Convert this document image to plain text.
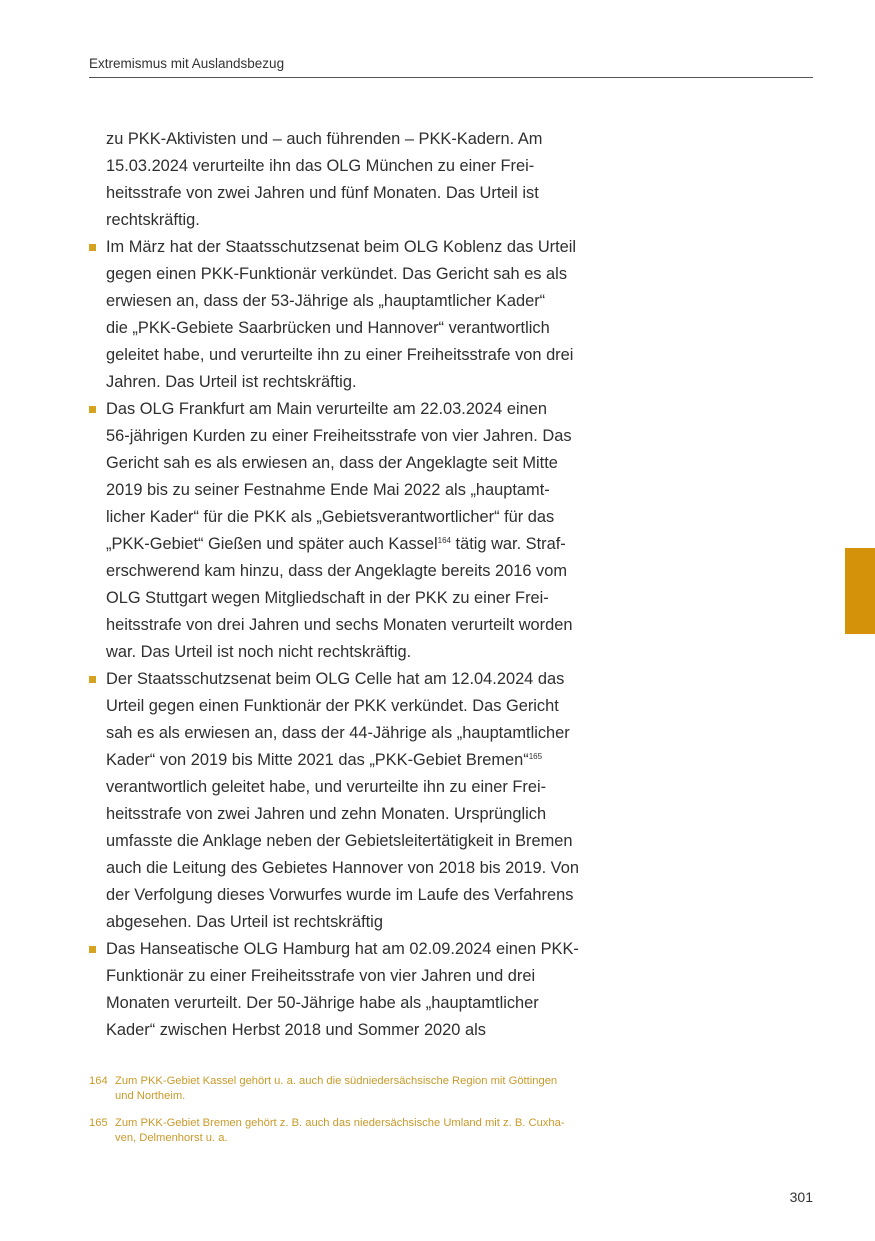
Extremismus mit Auslandsbezug

zu PKK-Aktivisten und – auch führenden – PKK-Kadern. Am

15.03.2024 verurteilte ihn das OLG München zu einer Frei-

heitsstrafe von zwei Jahren und fünf Monaten. Das Urteil ist

rechtskräftig.

Im März hat der Staatsschutzsenat beim OLG Koblenz das Urteil

gegen einen PKK-Funktionär verkündet. Das Gericht sah es als

erwiesen an, dass der 53-Jährige als „hauptamtlicher Kader“

die „PKK-Gebiete Saarbrücken und Hannover“ verantwortlich

geleitet habe, und verurteilte ihn zu einer Freiheitsstrafe von drei

Jahren. Das Urteil ist rechtskräftig.

Das OLG Frankfurt am Main verurteilte am 22.03.2024 einen

56-jährigen Kurden zu einer Freiheitsstrafe von vier Jahren. Das

Gericht sah es als erwiesen an, dass der Angeklagte seit Mitte

2019 bis zu seiner Festnahme Ende Mai 2022 als „hauptamt-

licher Kader“ für die PKK als „Gebietsverantwortlicher“ für das

„PKK-Gebiet“ Gießen und später auch Kassel$^{164}$ tätig war. Straf-

erschwerend kam hinzu, dass der Angeklagte bereits 2016 vom

OLG Stuttgart wegen Mitgliedschaft in der PKK zu einer Frei-

heitsstrafe von drei Jahren und sechs Monaten verurteilt worden

war. Das Urteil ist noch nicht rechtskräftig.

Der Staatsschutzsenat beim OLG Celle hat am 12.04.2024 das

Urteil gegen einen Funktionär der PKK verkündet. Das Gericht

sah es als erwiesen an, dass der 44-Jährige als „hauptamtlicher

Kader“ von 2019 bis Mitte 2021 das „PKK-Gebiet Bremen“$^{165}$

verantwortlich geleitet habe, und verurteilte ihn zu einer Frei-

heitsstrafe von zwei Jahren und zehn Monaten. Ursprünglich

umfasste die Anklage neben der Gebietsleitertätigkeit in Bremen

auch die Leitung des Gebietes Hannover von 2018 bis 2019. Von

der Verfolgung dieses Vorwurfes wurde im Laufe des Verfahrens

abgesehen. Das Urteil ist rechtskräftig

Das Hanseatische OLG Hamburg hat am 02.09.2024 einen PKK-

Funktionär zu einer Freiheitsstrafe von vier Jahren und drei

Monaten verurteilt. Der 50-Jährige habe als „hauptamtlicher

Kader“ zwischen Herbst 2018 und Sommer 2020 als

164 Zum PKK-Gebiet Kassel gehört u. a. auch die südniedersächsische Region mit Göttingen
und Northeim.
165 Zum PKK-Gebiet Bremen gehört z. B. auch das niedersächsische Umland mit z. B. Cuxha-
ven, Delmenhorst u. a.
301
